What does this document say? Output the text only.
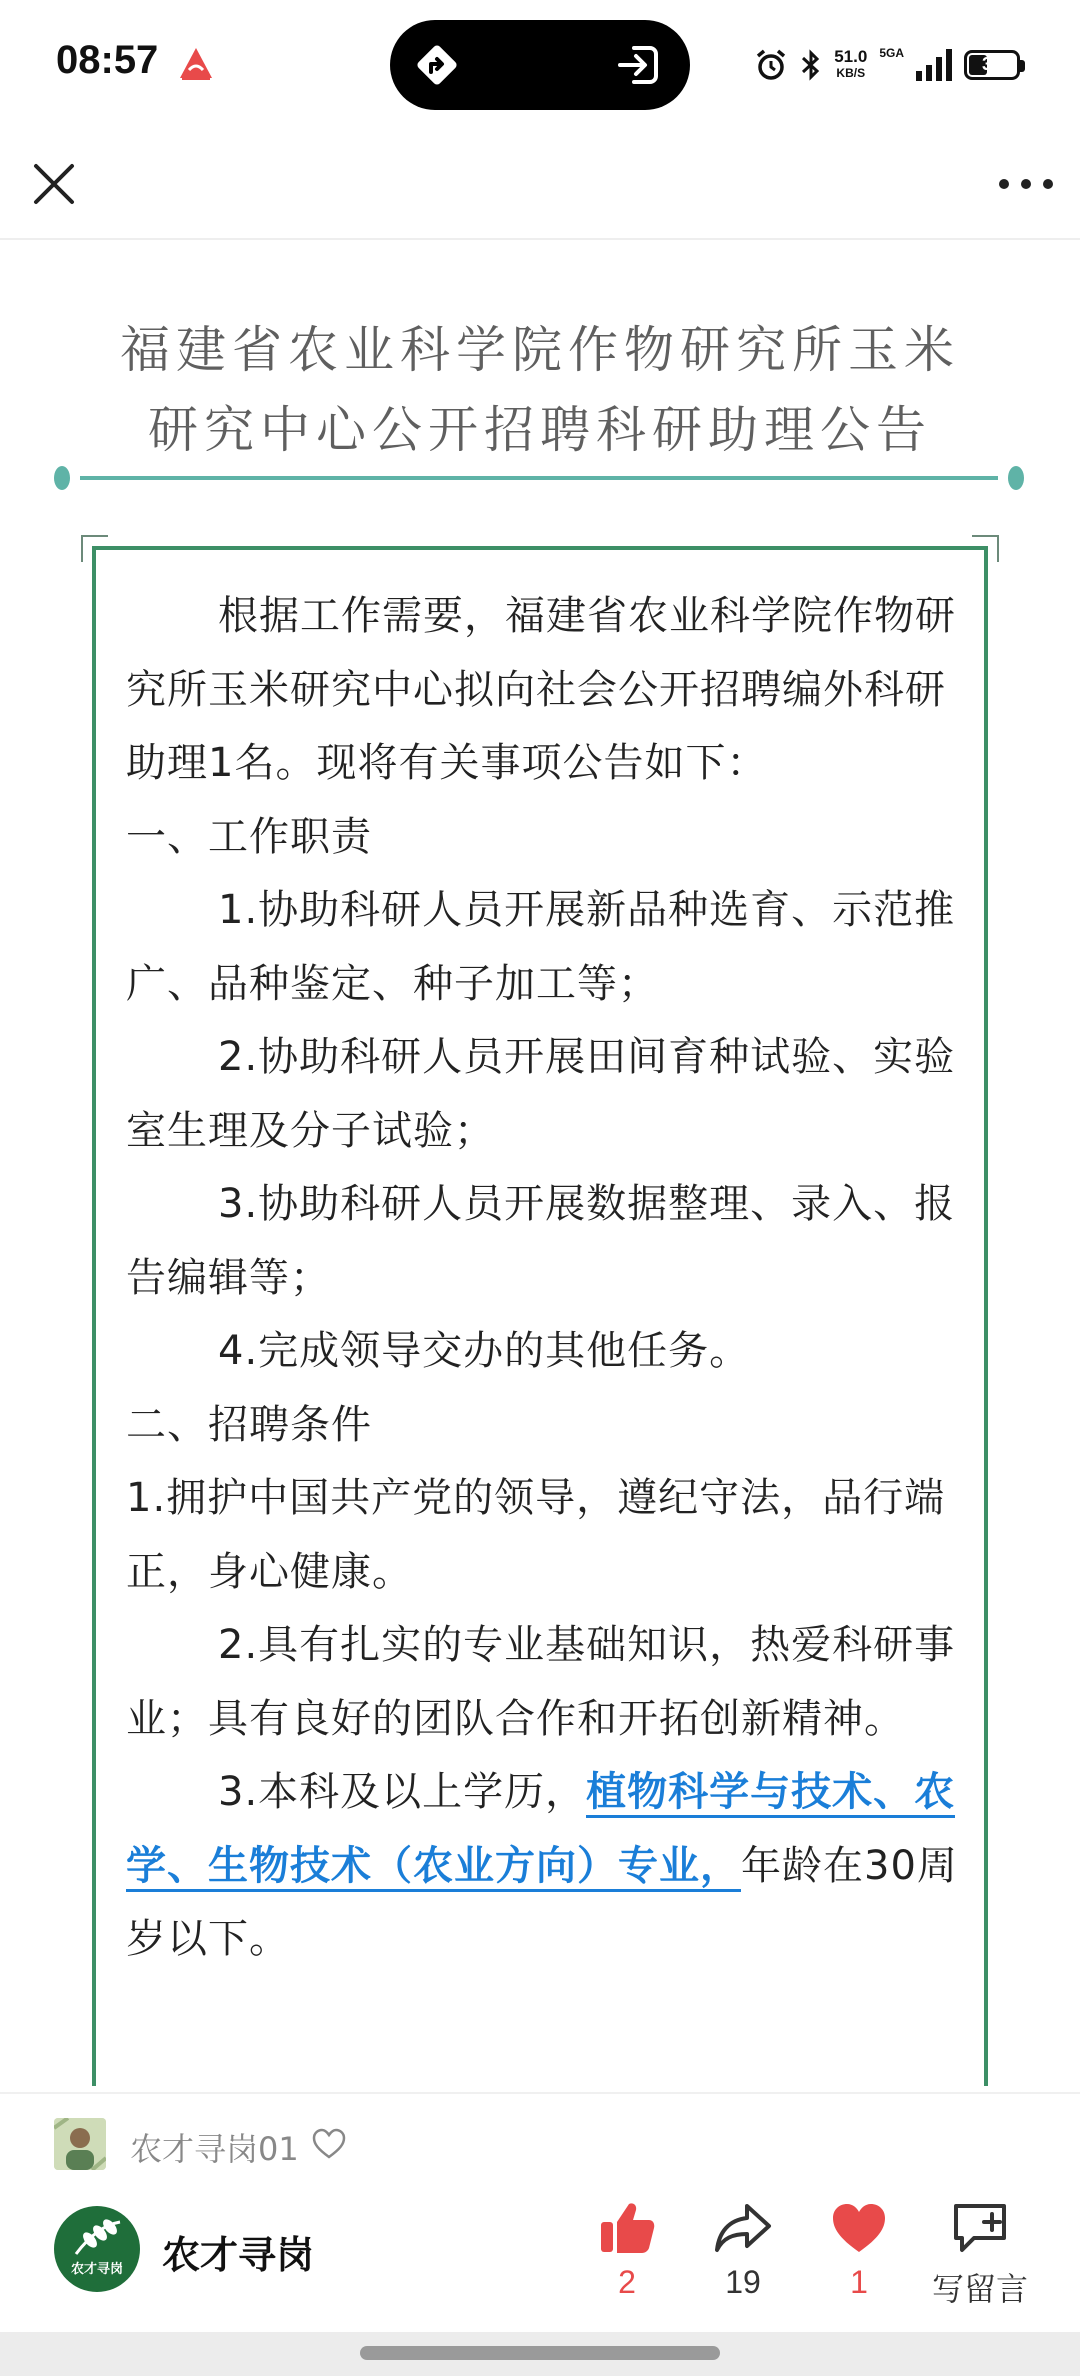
08:57	51.0
KB/S
5GA
35
福建省农业科学院作物研究所玉米
研究中心公开招聘科研助理公告

根据工作需要，福建省农业科学院作物研究所玉米研究中心拟向社会公开招聘编外科研助理1名。现将有关事项公告如下：

一、工作职责

1.协助科研人员开展新品种选育、示范推广、品种鉴定、种子加工等；

2.协助科研人员开展田间育种试验、实验室生理及分子试验；

3.协助科研人员开展数据整理、录入、报告编辑等；

4.完成领导交办的其他任务。

二、招聘条件

1.拥护中国共产党的领导，遵纪守法，品行端正，身心健康。

2.具有扎实的专业基础知识，热爱科研事业；具有良好的团队合作和开拓创新精神。

3.本科及以上学历，植物科学与技术、农学、生物技术（农业方向）专业，年龄在30周岁以下。

农才寻岗01
农才寻岗	农才寻岗
2	19	1	写留言
